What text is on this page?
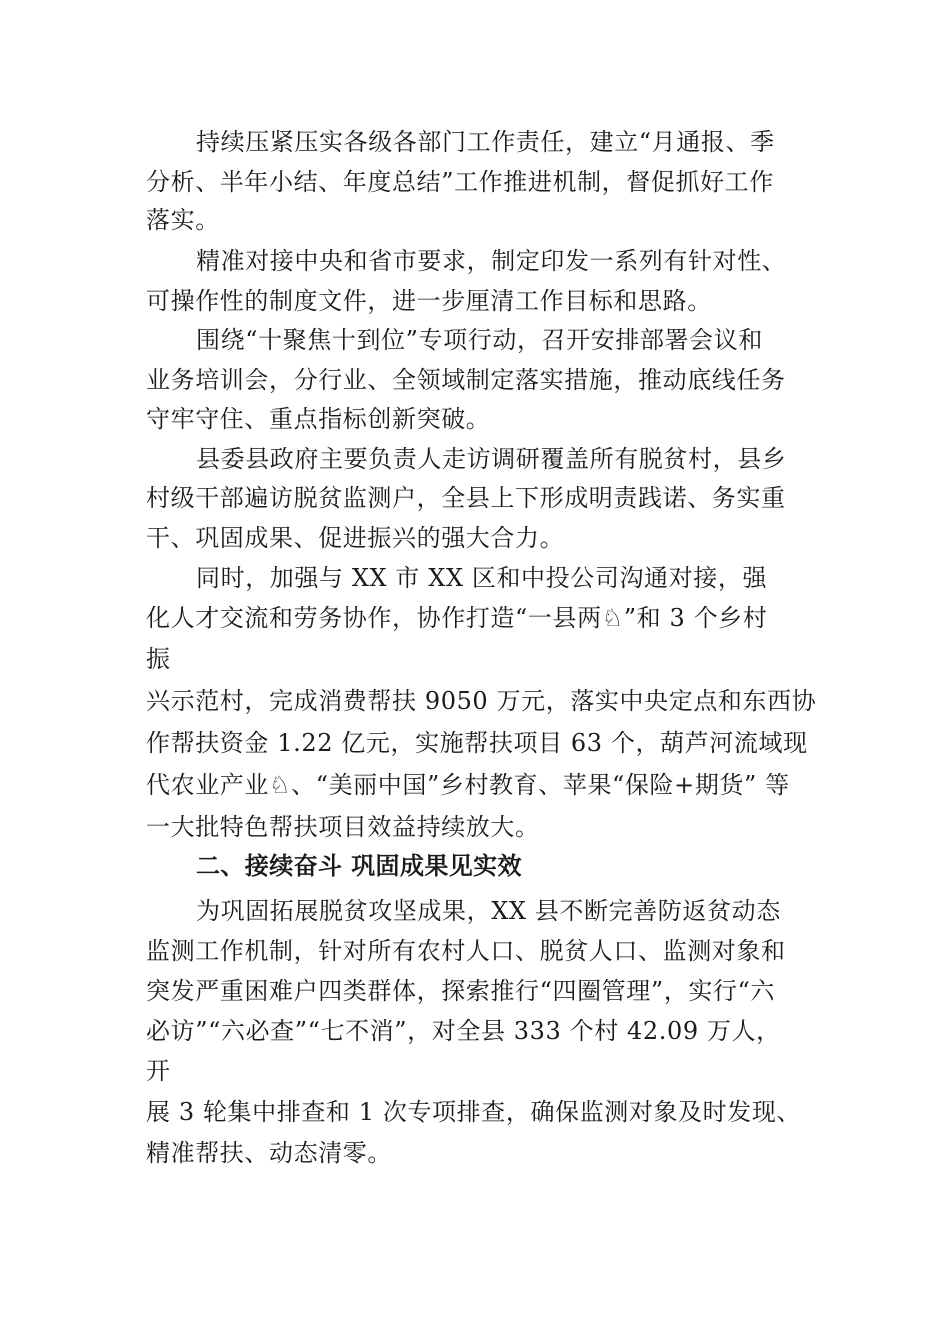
持续压紧压实各级各部门工作责任，建立“月通报、季
分析、半年小结、年度总结”工作推进机制，督促抓好工作
落实。
精准对接中央和省市要求，制定印发一系列有针对性、
可操作性的制度文件，进一步厘清工作目标和思路。
围绕“十聚焦十到位”专项行动，召开安排部署会议和
业务培训会，分行业、全领域制定落实措施，推动底线任务
守牢守住、重点指标创新突破。
县委县政府主要负责人走访调研覆盖所有脱贫村，县乡
村级干部遍访脱贫监测户，全县上下形成明责践诺、务实重
干、巩固成果、促进振兴的强大合力。
同时，加强与 XX 市 XX 区和中投公司沟通对接，强
化人才交流和劳务协作，协作打造“一县两♘”和 3 个乡村
振
兴示范村，完成消费帮扶 9050 万元，落实中央定点和东西协
作帮扶资金 1.22 亿元，实施帮扶项目 63 个，葫芦河流域现
代农业产业♘、“美丽中国”乡村教育、苹果“保险+期货” 等
一大批特色帮扶项目效益持续放大。
二、接续奋斗 巩固成果见实效
为巩固拓展脱贫攻坚成果，XX 县不断完善防返贫动态
监测工作机制，针对所有农村人口、脱贫人口、监测对象和
突发严重困难户四类群体，探索推行“四圈管理”，实行“六
必访”“六必查”“七不消”，对全县 333 个村 42.09 万人，
开
展 3 轮集中排查和 1 次专项排查，确保监测对象及时发现、
精准帮扶、动态清零。
